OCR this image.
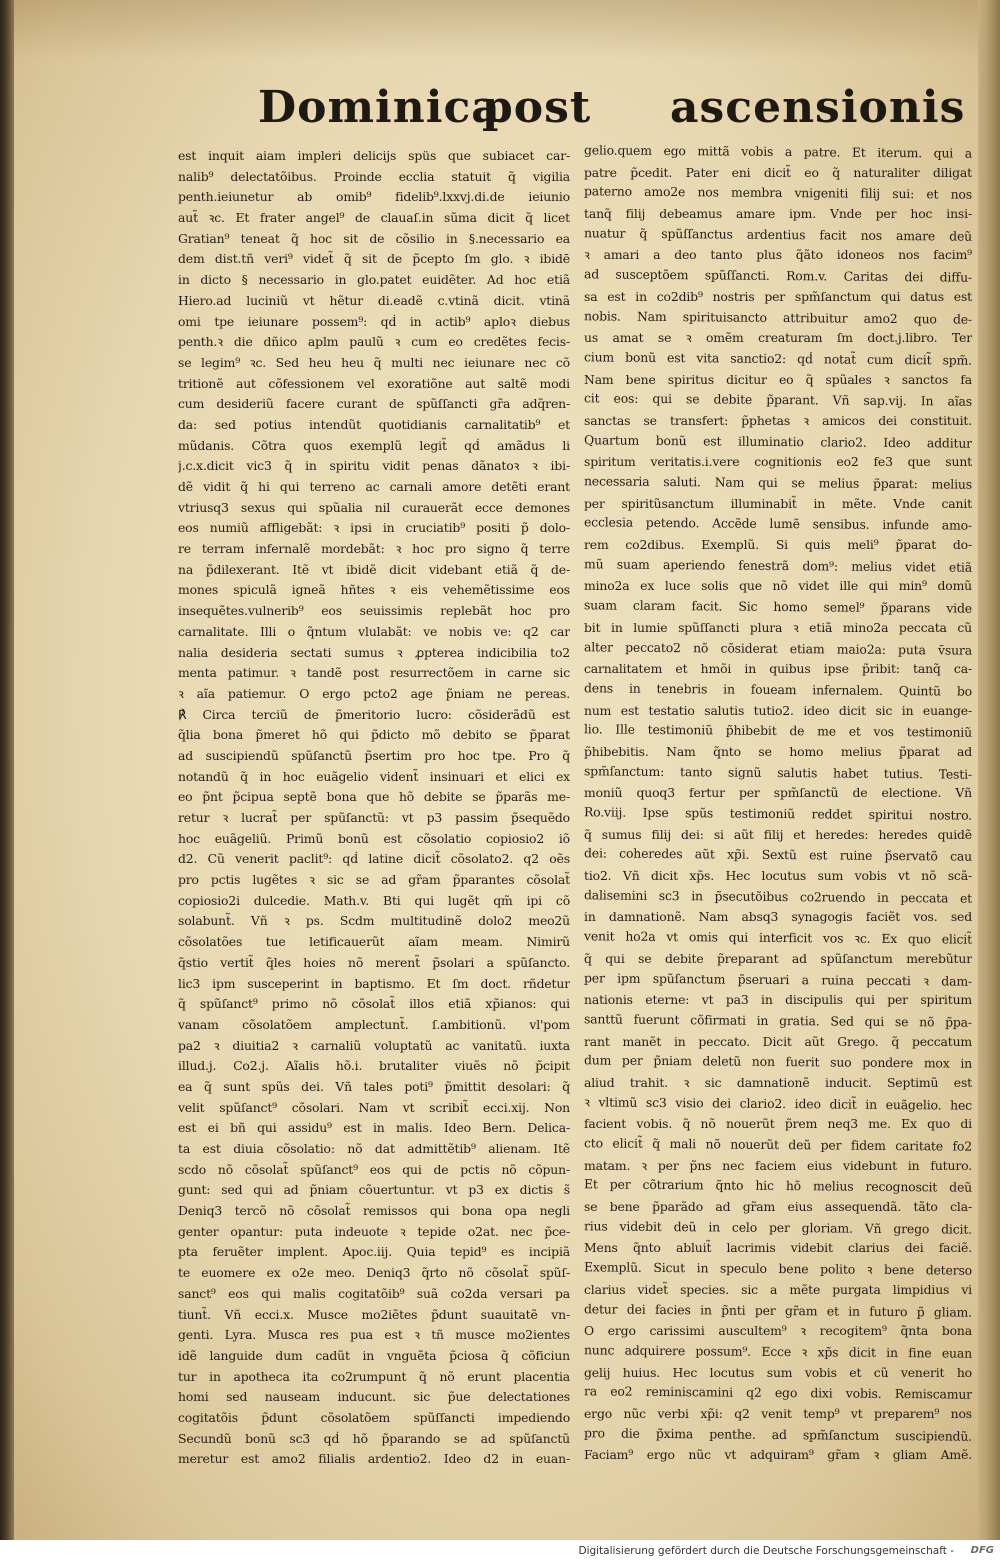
Dominica
post ascensionis
est inquit aiam impleri delicijs spüs que subiacet car-
nalib⁹ delectatõibus. Proinde ecclia statuit q̃ vigilia
penth.ieiunetur ab omib⁹ fidelib⁹.lxxvj.di.de ieiunio
aut̃ ꝛc. Et frater angel⁹ de clauaſ.in sũma dicit q̃ licet
Gratian⁹ teneat q̃ hoc sit de cõsilio in §.necessario ea
dem dist.tñ veri⁹ videt̃ q̃ sit de p̃cepto ſm glo. ꝛ ibidē
in dicto § necessario in glo.patet euidẽter. Ad hoc etiã
Hiero.ad luciniũ vt hẽtur di.eadẽ c.vtinã dicit. vtinã
omi tpe ieiunare possem⁹: qḋ in actib⁹ aploꝛ diebus
penth.ꝛ die dñico aplm paulũ ꝛ cum eo credẽtes fecis-
se legim⁹ ꝛc. Sed heu heu q̃ multi nec ieiunare nec cõ
tritionẽ aut cõfessionem vel exoratiõne aut saltẽ modi
cum desideriũ facere curant de spũſſancti gr̃a adq̃ren-
da: sed potius intendũt quotidianis carnalitatib⁹ et
mũdanis. Cõtra quos exemplũ legit̃ qḋ amãdus li
j.c.x.dicit vic3 q̃ in spiritu vidit penas dãnatoꝛ ꝛ ibi-
dẽ vidit q̃ hi qui terreno ac carnali amore detẽti erant
vtriusq3 sexus qui spũalia nil curauerãt ecce demones
eos numiũ affligebãt: ꝛ ipsi in cruciatib⁹ positi p̃ dolo-
re terram infernalẽ mordebãt: ꝛ hoc pro signo q̃ terre
na p̃dilexerant. Itẽ vt ibidẽ dicit videbant etiã q̃ de-
mones spiculã igneã hñtes ꝛ eis vehemẽtissime eos
insequẽtes.vulnerib⁹ eos seuissimis replebãt hoc pro
carnalitate. Illi o q̃ntum vlulabãt: ve nobis ve: q2 car
nalia desideria sectati sumus ꝛ ꝓpterea indicibilia to2
menta patimur. ꝛ tandẽ post resurrectõem in carne sic
ꝛ aĩa patiemur. O ergo pcto2 age p̃niam ne pereas.
℟ Circa terciũ de p̃meritorio lucro: cõsiderãdũ est
q̃lia bona p̃meret hõ qui p̃dicto mõ debito se p̃parat
ad suscipiendũ spũſanctũ p̃sertim pro hoc tpe. Pro q̃
notandũ q̃ in hoc euãgelio vident̃ insinuari et elici ex
eo p̃nt p̃cipua septẽ bona que hõ debite se p̃parãs me-
retur ꝛ lucrat̃ per spũſanctũ: vt p3 passim p̃sequẽdo
hoc euãgeliũ. Primũ bonũ est cõsolatio copiosio2 iõ
d2. Cũ venerit paclit⁹: qḋ latine dicit̃ cõsolato2. q2 oẽs
pro pctis lugẽtes ꝛ sic se ad gr̃am p̃parantes cõsolat̃
copiosio2i dulcedie. Math.v. Bti qui lugẽt qm̃ ipi cõ
solabunt̃. Vñ ꝛ ps. Scdm multitudinẽ dolo2 meo2ũ
cõsolatões tue letificauerũt aĩam meam. Nimirũ
q̃stio vertit̃ q̃les hoies nõ merent̃ p̃solari a spũſancto.
lic3 ipm susceperint in baptismo. Et ſm doct. rñdetur
q̃ spũſanct⁹ primo nõ cõsolat̃ illos etiã xp̃ianos: qui
vanam cõsolatõem amplectunt̃. ſ.ambitionũ. vl'pom
pa2 ꝛ diuitia2 ꝛ carnaliũ voluptatũ ac vanitatũ. iuxta
illud.j. Co2.j. Aĩalis hõ.i. brutaliter viuẽs nõ p̃cipit
ea q̃ sunt spũs dei. Vñ tales poti⁹ p̃mittit desolari: q̃
velit spũſanct⁹ cõsolari. Nam vt scribit̃ ecci.xij. Non
est ei bñ qui assidu⁹ est in malis. Ideo Bern. Delica-
ta est diuia cõsolatio: nõ dat admittẽtib⁹ alienam. Itẽ
scdo nõ cõsolat̃ spũſanct⁹ eos qui de pctis nõ cõpun-
gunt: sed qui ad p̃niam cõuertuntur. vt p3 ex dictis s̃
Deniq3 tercõ nõ cõsolat̃ remissos qui bona opa negli
genter opantur: puta indeuote ꝛ tepide o2at. nec p̃ce-
pta feruẽter implent. Apoc.iij. Quia tepid⁹ es incipiã
te euomere ex o2e meo. Deniq3 q̃rto nõ cõsolat̃ spũſ-
sanct⁹ eos qui malis cogitatõib⁹ suã co2da versari pa
tiunt̃. Vñ ecci.x. Musce mo2iẽtes p̃dunt suauitatẽ vn-
genti. Lyra. Musca res pua est ꝛ tñ musce mo2ientes
idẽ languide dum cadũt in vnguẽta p̃ciosa q̃ cõficiun
tur in apotheca ita co2rumpunt q̃ nõ erunt placentia
homi sed nauseam inducunt. sic p̃ue delectationes
cogitatõis p̃dunt cõsolatõem spũſſancti impediendo
Secundũ bonũ sc3 qḋ hõ p̃parando se ad spũſanctũ
meretur est amo2 filialis ardentio2. Ideo d2 in euan-
gelio.quem ego mittã vobis a patre. Et iterum. qui a
patre p̃cedit. Pater eni dicit̃ eo q̃ naturaliter diligat
paterno amo2e nos membra vnigeniti filij sui: et nos
tanq̃ filij debeamus amare ipm. Vnde per hoc insi-
nuatur q̃ spũſſanctus ardentius facit nos amare deũ
ꝛ amari a deo tanto plus q̃ãto idoneos nos facim⁹
ad susceptõem spũſſancti. Rom.v. Caritas dei diffu-
sa est in co2dib⁹ nostris per spm̃ſanctum qui datus est
nobis. Nam spirituisancto attribuitur amo2 quo de-
us amat se ꝛ omẽm creaturam ſm doct.j.libro. Ter
cium bonũ est vita sanctio2: qḋ notat̃ cum dicit̃ spm̃.
Nam bene spiritus dicitur eo q̃ spũales ꝛ sanctos fa
cit eos: qui se debite p̃parant. Vñ sap.vij. In aĩas
sanctas se transfert: p̃phetas ꝛ amicos dei constituit.
Quartum bonũ est illuminatio clario2. Ideo additur
spiritum veritatis.i.vere cognitionis eo2 fe3 que sunt
necessaria saluti. Nam qui se melius p̃parat: melius
per spiritũsanctum illuminabit̃ in mẽte. Vnde canit
ecclesia petendo. Accẽde lumẽ sensibus. infunde amo-
rem co2dibus. Exemplũ. Si quis meli⁹ p̃parat do-
mũ suam aperiendo fenestrã dom⁹: melius videt etiã
mino2a ex luce solis que nõ videt ille qui min⁹ domũ
suam claram facit. Sic homo semel⁹ p̃parans vide
bit in lumie spũſſancti plura ꝛ etiã mino2a peccata cũ
alter peccato2 nõ cõsiderat etiam maio2a: puta v̄sura
carnalitatem et hmõi in quibus ipse p̃ribit: tanq̃ ca-
dens in tenebris in foueam infernalem. Quintũ bo
num est testatio salutis tutio2. ideo dicit sic in euange-
lio. Ille testimoniũ p̃hibebit de me et vos testimoniũ
p̃hibebitis. Nam q̃nto se homo melius p̃parat ad
spm̃ſanctum: tanto signũ salutis habet tutius. Testi-
moniũ quoq3 fertur per spm̃ſanctũ de electione. Vñ
Ro.viij. Ipse spũs testimoniũ reddet spiritui nostro.
q̃ sumus filij dei: si aũt filij et heredes: heredes quidẽ
dei: coheredes aũt xp̃i. Sextũ est ruine p̃servatõ cau
tio2. Vñ dicit xp̃s. Hec locutus sum vobis vt nõ scã-
dalisemini sc3 in p̃secutõibus co2ruendo in peccata et
in damnationẽ. Nam absq3 synagogis faciẽt vos. sed
venit ho2a vt omis qui interficit vos ꝛc. Ex quo elicit̃
q̃ qui se debite p̃reparant ad spũſanctum merebũtur
per ipm spũſanctum p̃seruari a ruina peccati ꝛ dam-
nationis eterne: vt pa3 in discipulis qui per spiritum
santtũ fuerunt cõfirmati in gratia. Sed qui se nõ p̃pa-
rant manẽt in peccato. Dicit aũt Grego. q̃ peccatum
dum per p̃niam deletũ non fuerit suo pondere mox in
aliud trahit. ꝛ sic damnationẽ inducit. Septimũ est
ꝛ vltimũ sc3 visio dei clario2. ideo dicit̃ in euãgelio. hec
facient vobis. q̃ nõ nouerũt p̃rem neq3 me. Ex quo di
cto elicit̃ q̃ mali nõ nouerũt deũ per fidem caritate fo2
matam. ꝛ per p̃ns nec faciem eius videbunt in futuro.
Et per cõtrarium q̃nto hic hõ melius recognoscit deũ
se bene p̃parãdo ad gr̃am eius assequendã. tãto cla-
rius videbit deũ in celo per gloriam. Vñ grego dicit.
Mens q̃nto abluit̃ lacrimis videbit clarius dei faciẽ.
Exemplũ. Sicut in speculo bene polito ꝛ bene deterso
clarius videt̃ species. sic a mẽte purgata limpidius vi
detur dei facies in p̃nti per gr̃am et in futuro p̃ gliam.
O ergo carissimi auscultem⁹ ꝛ recogitem⁹ q̃nta bona
nunc adquirere possum⁹. Ecce ꝛ xp̃s dicit in fine euan
gelij huius. Hec locutus sum vobis et cũ venerit ho
ra eo2 reminiscamini q2 ego dixi vobis. Remiscamur
ergo nũc verbi xp̃i: q2 venit temp⁹ vt preparem⁹ nos
pro die p̃xima penthe. ad spm̃ſanctum suscipiendũ.
Faciam⁹ ergo nũc vt adquiram⁹ gr̃am ꝛ gliam Amẽ.
Digitalisierung gefördert durch die Deutsche Forschungsgemeinschaft - DFG
